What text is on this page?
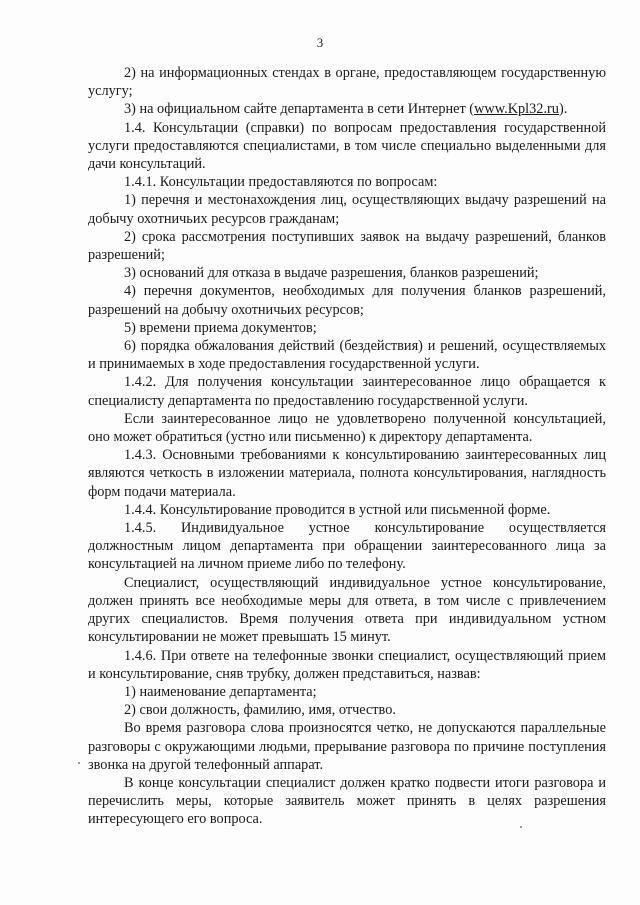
3

2) на информационных стендах в органе, предоставляющем государственную услугу;

3) на официальном сайте департамента в сети Интернет (www.Kpl32.ru).

1.4. Консультации (справки) по вопросам предоставления государственной услуги предоставляются специалистами, в том числе специально выделенными для дачи консультаций.

1.4.1. Консультации предоставляются по вопросам:

1) перечня и местонахождения лиц, осуществляющих выдачу разрешений на добычу охотничьих ресурсов гражданам;

2) срока рассмотрения поступивших заявок на выдачу разрешений, бланков разрешений;

3) оснований для отказа в выдаче разрешения, бланков разрешений;

4) перечня документов, необходимых для получения бланков разрешений, разрешений на добычу охотничьих ресурсов;

5) времени приема документов;

6) порядка обжалования действий (бездействия) и решений, осуществляемых и принимаемых в ходе предоставления государственной услуги.

1.4.2. Для получения консультации заинтересованное лицо обращается к специалисту департамента по предоставлению государственной услуги.

Если заинтересованное лицо не удовлетворено полученной консультацией, оно может обратиться (устно или письменно) к директору департамента.

1.4.3. Основными требованиями к консультированию заинтересованных лиц являются четкость в изложении материала, полнота консультирования, наглядность форм подачи материала.

1.4.4. Консультирование проводится в устной или письменной форме.

1.4.5. Индивидуальное устное консультирование осуществляется должностным лицом департамента при обращении заинтересованного лица за консультацией на личном приеме либо по телефону.

Специалист, осуществляющий индивидуальное устное консультирование, должен принять все необходимые меры для ответа, в том числе с привлечением других специалистов. Время получения ответа при индивидуальном устном консультировании не может превышать 15 минут.

1.4.6. При ответе на телефонные звонки специалист, осуществляющий прием и консультирование, сняв трубку, должен представиться, назвав:

1) наименование департамента;

2) свои должность, фамилию, имя, отчество.

Во время разговора слова произносятся четко, не допускаются параллельные разговоры с окружающими людьми, прерывание разговора по причине поступления звонка на другой телефонный аппарат.

В конце консультации специалист должен кратко подвести итоги разговора и перечислить меры, которые заявитель может принять в целях разрешения интересующего его вопроса.
